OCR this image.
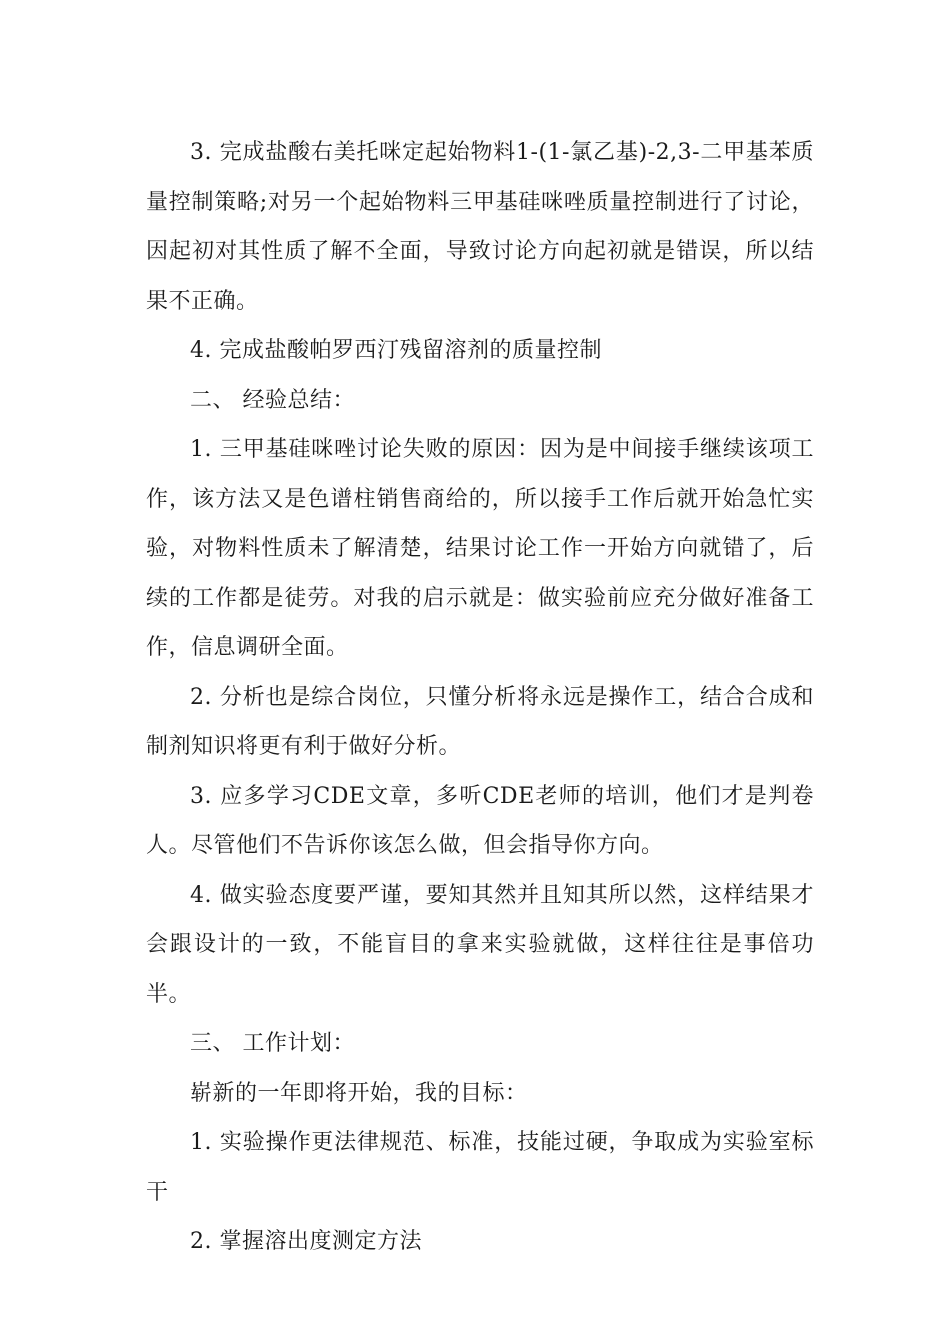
3. 完成盐酸右美托咪定起始物料1-(1-氯乙基)-2,3-二甲基苯质量控制策略;对另一个起始物料三甲基硅咪唑质量控制进行了讨论，因起初对其性质了解不全面，导致讨论方向起初就是错误，所以结果不正确。

4. 完成盐酸帕罗西汀残留溶剂的质量控制

二、 经验总结：

1. 三甲基硅咪唑讨论失败的原因：因为是中间接手继续该项工作，该方法又是色谱柱销售商给的，所以接手工作后就开始急忙实验，对物料性质未了解清楚，结果讨论工作一开始方向就错了，后续的工作都是徒劳。对我的启示就是：做实验前应充分做好准备工作，信息调研全面。

2. 分析也是综合岗位，只懂分析将永远是操作工，结合合成和制剂知识将更有利于做好分析。

3. 应多学习CDE文章，多听CDE老师的培训，他们才是判卷人。尽管他们不告诉你该怎么做，但会指导你方向。

4. 做实验态度要严谨，要知其然并且知其所以然，这样结果才会跟设计的一致，不能盲目的拿来实验就做，这样往往是事倍功半。

三、 工作计划：

崭新的一年即将开始，我的目标：

1. 实验操作更法律规范、标准，技能过硬，争取成为实验室标干

2. 掌握溶出度测定方法
